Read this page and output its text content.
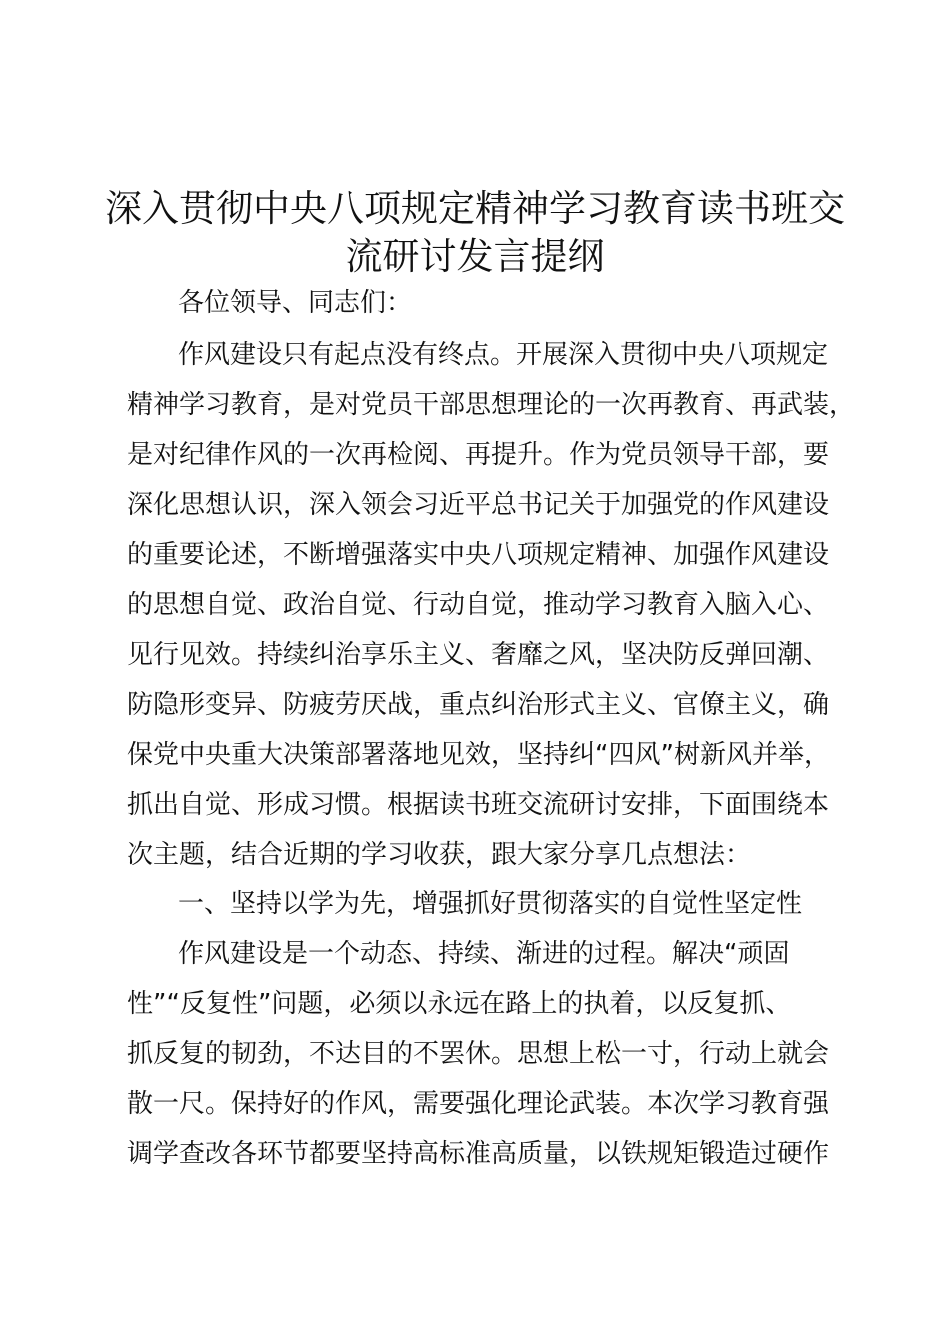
深入贯彻中央八项规定精神学习教育读书班交
流研讨发言提纲

各位领导、同志们：

作风建设只有起点没有终点。开展深入贯彻中央八项规定

精神学习教育，是对党员干部思想理论的一次再教育、再武装，

是对纪律作风的一次再检阅、再提升。作为党员领导干部，要

深化思想认识，深入领会习近平总书记关于加强党的作风建设

的重要论述，不断增强落实中央八项规定精神、加强作风建设

的思想自觉、政治自觉、行动自觉，推动学习教育入脑入心、

见行见效。持续纠治享乐主义、奢靡之风，坚决防反弹回潮、

防隐形变异、防疲劳厌战，重点纠治形式主义、官僚主义，确

保党中央重大决策部署落地见效，坚持纠“四风”树新风并举，

抓出自觉、形成习惯。根据读书班交流研讨安排，下面围绕本

次主题，结合近期的学习收获，跟大家分享几点想法：

一、坚持以学为先，增强抓好贯彻落实的自觉性坚定性

作风建设是一个动态、持续、渐进的过程。解决“顽固

性”“反复性”问题，必须以永远在路上的执着，以反复抓、

抓反复的韧劲，不达目的不罢休。思想上松一寸，行动上就会

散一尺。保持好的作风，需要强化理论武装。本次学习教育强

调学查改各环节都要坚持高标准高质量，以铁规矩锻造过硬作
